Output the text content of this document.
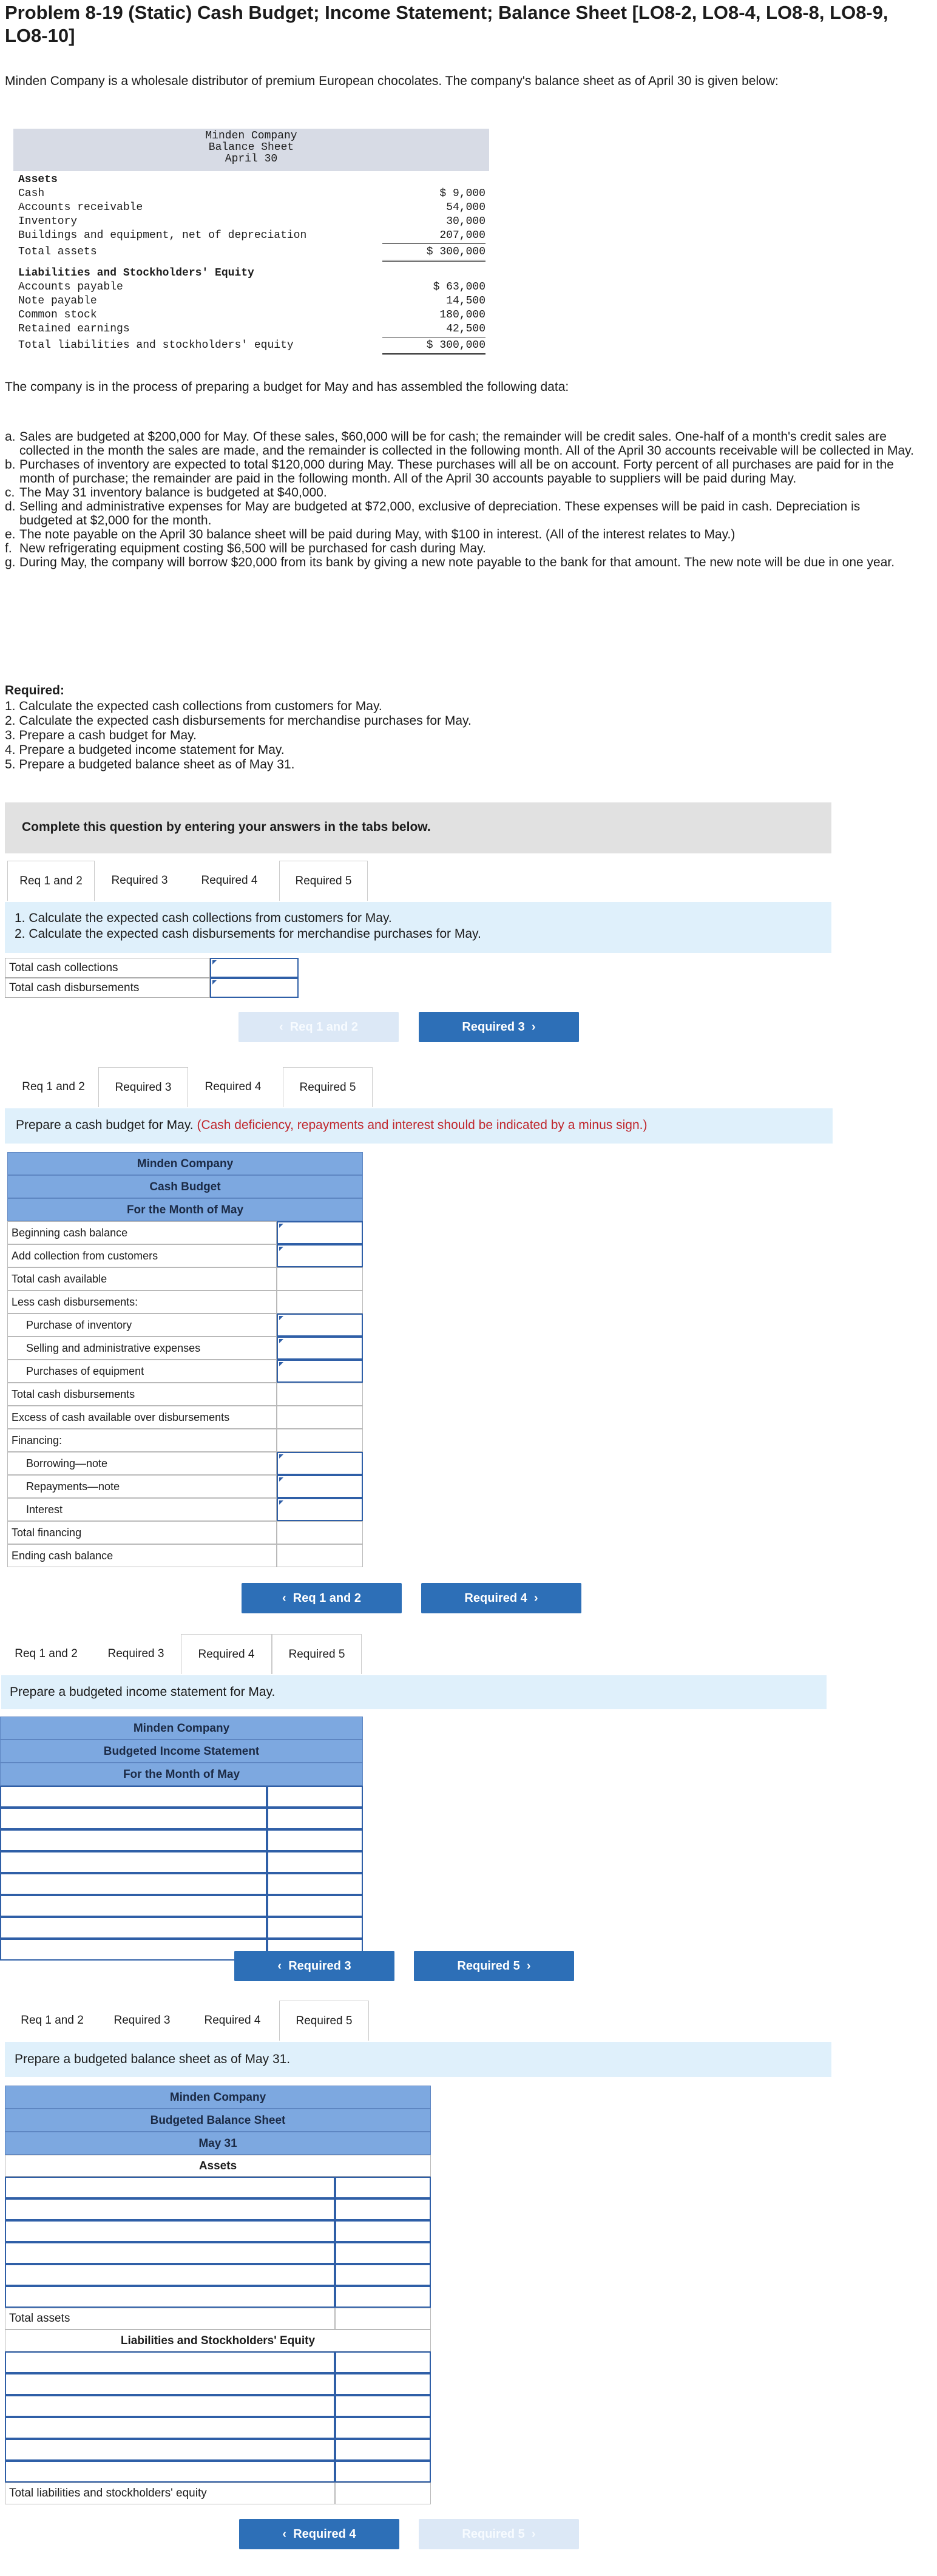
Problem 8-19 (Static) Cash Budget; Income Statement; Balance Sheet [LO8-2, LO8-4, LO8-8, LO8-9, LO8-10]
Minden Company is a wholesale distributor of premium European chocolates. The company's balance sheet as of April 30 is given below:
Minden Company
Balance Sheet
April 30
Assets
Cash	$ 9,000
Accounts receivable	54,000
Inventory	30,000
Buildings and equipment, net of depreciation	207,000
Total assets	$ 300,000
Liabilities and Stockholders' Equity
Accounts payable	$ 63,000
Note payable	14,500
Common stock	180,000
Retained earnings	42,500
Total liabilities and stockholders' equity	$ 300,000
The company is in the process of preparing a budget for May and has assembled the following data:
a. Sales are budgeted at $200,000 for May. Of these sales, $60,000 will be for cash; the remainder will be credit sales. One-half of a month's credit sales are collected in the month the sales are made, and the remainder is collected in the following month. All of the April 30 accounts receivable will be collected in May.
b. Purchases of inventory are expected to total $120,000 during May. These purchases will all be on account. Forty percent of all purchases are paid for in the month of purchase; the remainder are paid in the following month. All of the April 30 accounts payable to suppliers will be paid during May.
c. The May 31 inventory balance is budgeted at $40,000.
d. Selling and administrative expenses for May are budgeted at $72,000, exclusive of depreciation. These expenses will be paid in cash. Depreciation is budgeted at $2,000 for the month.
e. The note payable on the April 30 balance sheet will be paid during May, with $100 in interest. (All of the interest relates to May.)
f. New refrigerating equipment costing $6,500 will be purchased for cash during May.
g. During May, the company will borrow $20,000 from its bank by giving a new note payable to the bank for that amount. The new note will be due in one year.
Required:
1. Calculate the expected cash collections from customers for May.
2. Calculate the expected cash disbursements for merchandise purchases for May.
3. Prepare a cash budget for May.
4. Prepare a budgeted income statement for May.
5. Prepare a budgeted balance sheet as of May 31.
Complete this question by entering your answers in the tabs below.
Req 1 and 2	Required 3	Required 4	Required 5
1. Calculate the expected cash collections from customers for May.
2. Calculate the expected cash disbursements for merchandise purchases for May.
Total cash collections
Total cash disbursements
‹ Req 1 and 2	Required 3 ›
Req 1 and 2	Required 3	Required 4	Required 5
Prepare a cash budget for May. (Cash deficiency, repayments and interest should be indicated by a minus sign.)
Minden Company
Cash Budget
For the Month of May
Beginning cash balance
Add collection from customers
Total cash available
Less cash disbursements:
Purchase of inventory
Selling and administrative expenses
Purchases of equipment
Total cash disbursements
Excess of cash available over disbursements
Financing:
Borrowing—note
Repayments—note
Interest
Total financing
Ending cash balance
‹ Req 1 and 2	Required 4 ›
Req 1 and 2	Required 3	Required 4	Required 5
Prepare a budgeted income statement for May.
Minden Company
Budgeted Income Statement
For the Month of May
‹ Required 3	Required 5 ›
Req 1 and 2	Required 3	Required 4	Required 5
Prepare a budgeted balance sheet as of May 31.
Minden Company
Budgeted Balance Sheet
May 31
Assets
Total assets
Liabilities and Stockholders' Equity
Total liabilities and stockholders' equity
‹ Required 4	Required 5 ›
